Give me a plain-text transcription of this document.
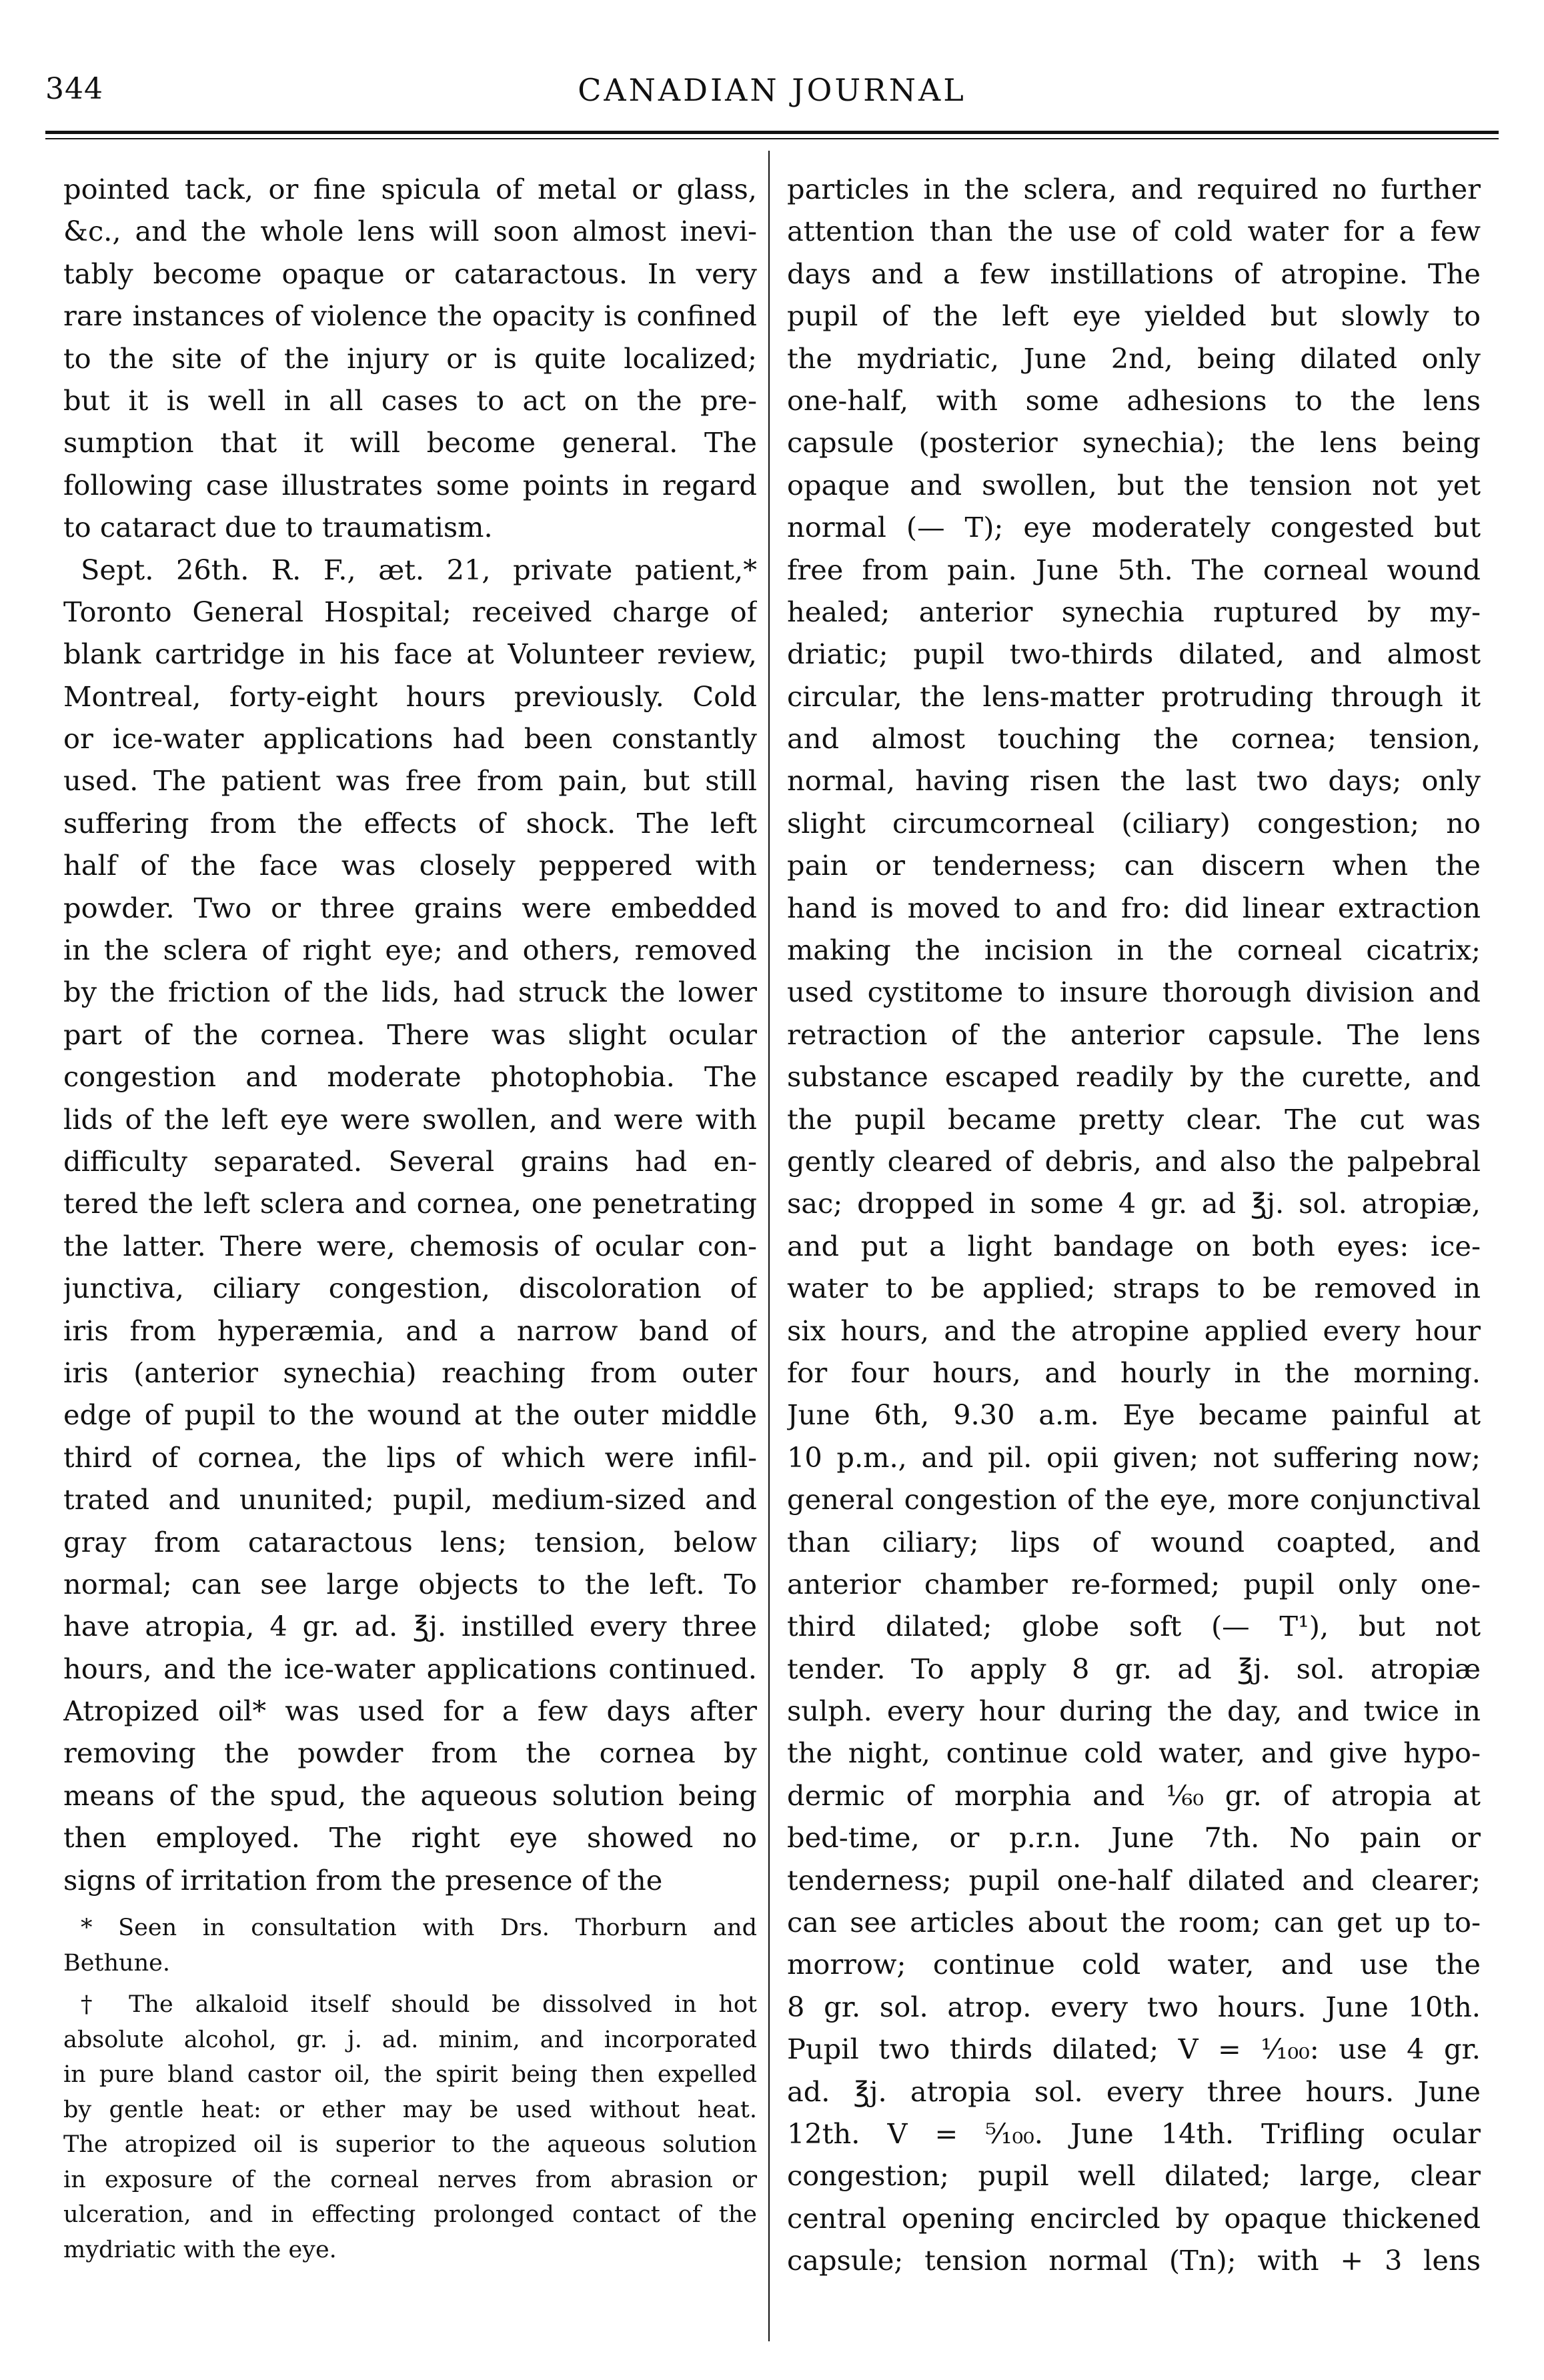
344	CANADIAN JOURNAL
pointed tack, or fine spicula of metal or glass,
&c., and the whole lens will soon almost inevi-
tably become opaque or cataractous. In very
rare instances of violence the opacity is confined
to the site of the injury or is quite localized;
but it is well in all cases to act on the pre-
sumption that it will become general. The
following case illustrates some points in regard
to cataract due to traumatism.
Sept. 26th. R. F., æt. 21, private patient,*
Toronto General Hospital; received charge of
blank cartridge in his face at Volunteer review,
Montreal, forty-eight hours previously. Cold
or ice-water applications had been constantly
used. The patient was free from pain, but still
suffering from the effects of shock. The left
half of the face was closely peppered with
powder. Two or three grains were embedded
in the sclera of right eye; and others, removed
by the friction of the lids, had struck the lower
part of the cornea. There was slight ocular
congestion and moderate photophobia. The
lids of the left eye were swollen, and were with
difficulty separated. Several grains had en-
tered the left sclera and cornea, one penetrating
the latter. There were, chemosis of ocular con-
junctiva, ciliary congestion, discoloration of
iris from hyperæmia, and a narrow band of
iris (anterior synechia) reaching from outer
edge of pupil to the wound at the outer middle
third of cornea, the lips of which were infil-
trated and ununited; pupil, medium-sized and
gray from cataractous lens; tension, below
normal; can see large objects to the left. To
have atropia, 4 gr. ad. ℥j. instilled every three
hours, and the ice-water applications continued.
Atropized oil* was used for a few days after
removing the powder from the cornea by
means of the spud, the aqueous solution being
then employed. The right eye showed no
signs of irritation from the presence of the
* Seen in consultation with Drs. Thorburn and
Bethune.
† The alkaloid itself should be dissolved in hot
absolute alcohol, gr. j. ad. minim, and incorporated
in pure bland castor oil, the spirit being then expelled
by gentle heat: or ether may be used without heat.
The atropized oil is superior to the aqueous solution
in exposure of the corneal nerves from abrasion or
ulceration, and in effecting prolonged contact of the
mydriatic with the eye.
particles in the sclera, and required no further
attention than the use of cold water for a few
days and a few instillations of atropine. The
pupil of the left eye yielded but slowly to
the mydriatic, June 2nd, being dilated only
one-half, with some adhesions to the lens
capsule (posterior synechia); the lens being
opaque and swollen, but the tension not yet
normal (— T); eye moderately congested but
free from pain. June 5th. The corneal wound
healed; anterior synechia ruptured by my-
driatic; pupil two-thirds dilated, and almost
circular, the lens-matter protruding through it
and almost touching the cornea; tension,
normal, having risen the last two days; only
slight circumcorneal (ciliary) congestion; no
pain or tenderness; can discern when the
hand is moved to and fro: did linear extraction
making the incision in the corneal cicatrix;
used cystitome to insure thorough division and
retraction of the anterior capsule. The lens
substance escaped readily by the curette, and
the pupil became pretty clear. The cut was
gently cleared of debris, and also the palpebral
sac; dropped in some 4 gr. ad ℥j. sol. atropiæ,
and put a light bandage on both eyes: ice-
water to be applied; straps to be removed in
six hours, and the atropine applied every hour
for four hours, and hourly in the morning.
June 6th, 9.30 a.m. Eye became painful at
10 p.m., and pil. opii given; not suffering now;
general congestion of the eye, more conjunctival
than ciliary; lips of wound coapted, and
anterior chamber re-formed; pupil only one-
third dilated; globe soft (— T¹), but not
tender. To apply 8 gr. ad ℥j. sol. atropiæ
sulph. every hour during the day, and twice in
the night, continue cold water, and give hypo-
dermic of morphia and ¹⁄₆₀ gr. of atropia at
bed-time, or p.r.n. June 7th. No pain or
tenderness; pupil one-half dilated and clearer;
can see articles about the room; can get up to-
morrow; continue cold water, and use the
8 gr. sol. atrop. every two hours. June 10th.
Pupil two thirds dilated; V = ¹⁄₁₀₀: use 4 gr.
ad. ℥j. atropia sol. every three hours. June
12th. V = ⁵⁄₁₀₀. June 14th. Trifling ocular
congestion; pupil well dilated; large, clear
central opening encircled by opaque thickened
capsule; tension normal (Tn); with + 3 lens
